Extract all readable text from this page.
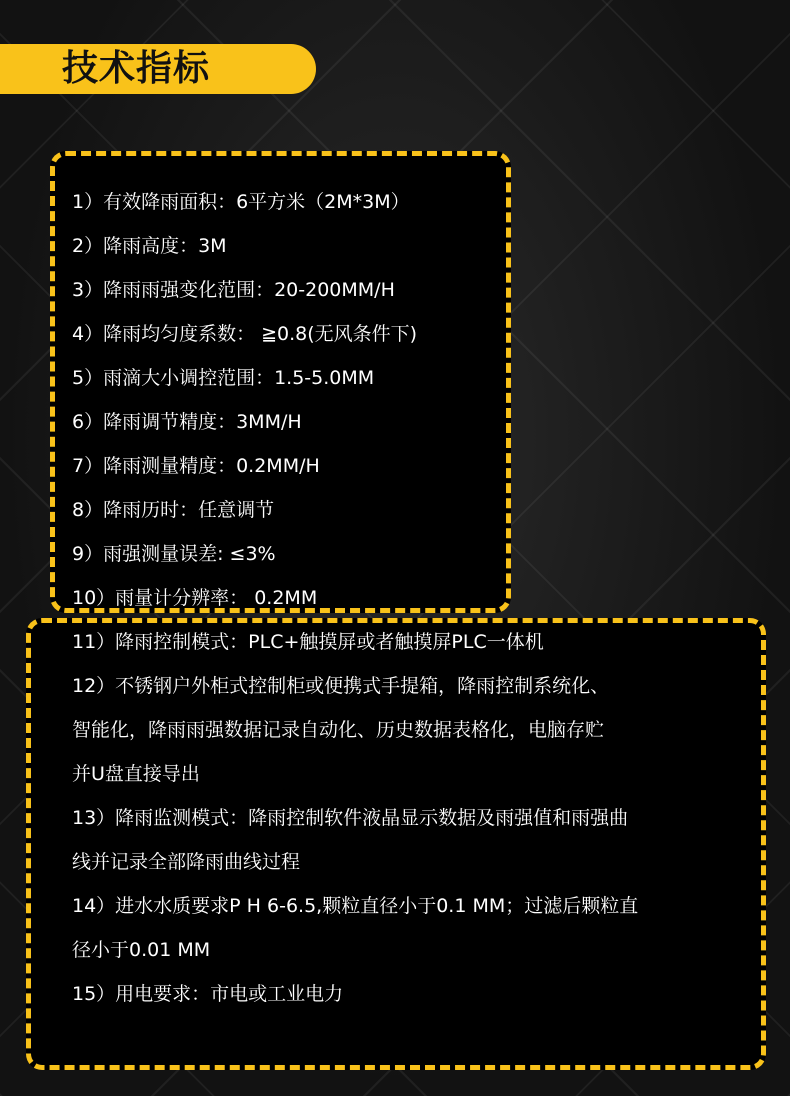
技术指标
1）有效降雨面积：6平方米（2M*3M）
2）降雨高度：3M
3）降雨雨强变化范围：20-200MM/H
4）降雨均匀度系数： ≧0.8(无风条件下)
5）雨滴大小调控范围：1.5-5.0MM
6）降雨调节精度：3MM/H
7）降雨测量精度：0.2MM/H
8）降雨历时：任意调节
9）雨强测量误差: ≤3%
10）雨量计分辨率： 0.2MM
11）降雨控制模式：PLC+触摸屏或者触摸屏PLC一体机
12）不锈钢户外柜式控制柜或便携式手提箱，降雨控制系统化、
智能化，降雨雨强数据记录自动化、历史数据表格化，电脑存贮
并U盘直接导出
13）降雨监测模式：降雨控制软件液晶显示数据及雨强值和雨强曲
线并记录全部降雨曲线过程
14）进水水质要求P H 6-6.5,颗粒直径小于0.1 MM；过滤后颗粒直
径小于0.01 MM
15）用电要求：市电或工业电力
